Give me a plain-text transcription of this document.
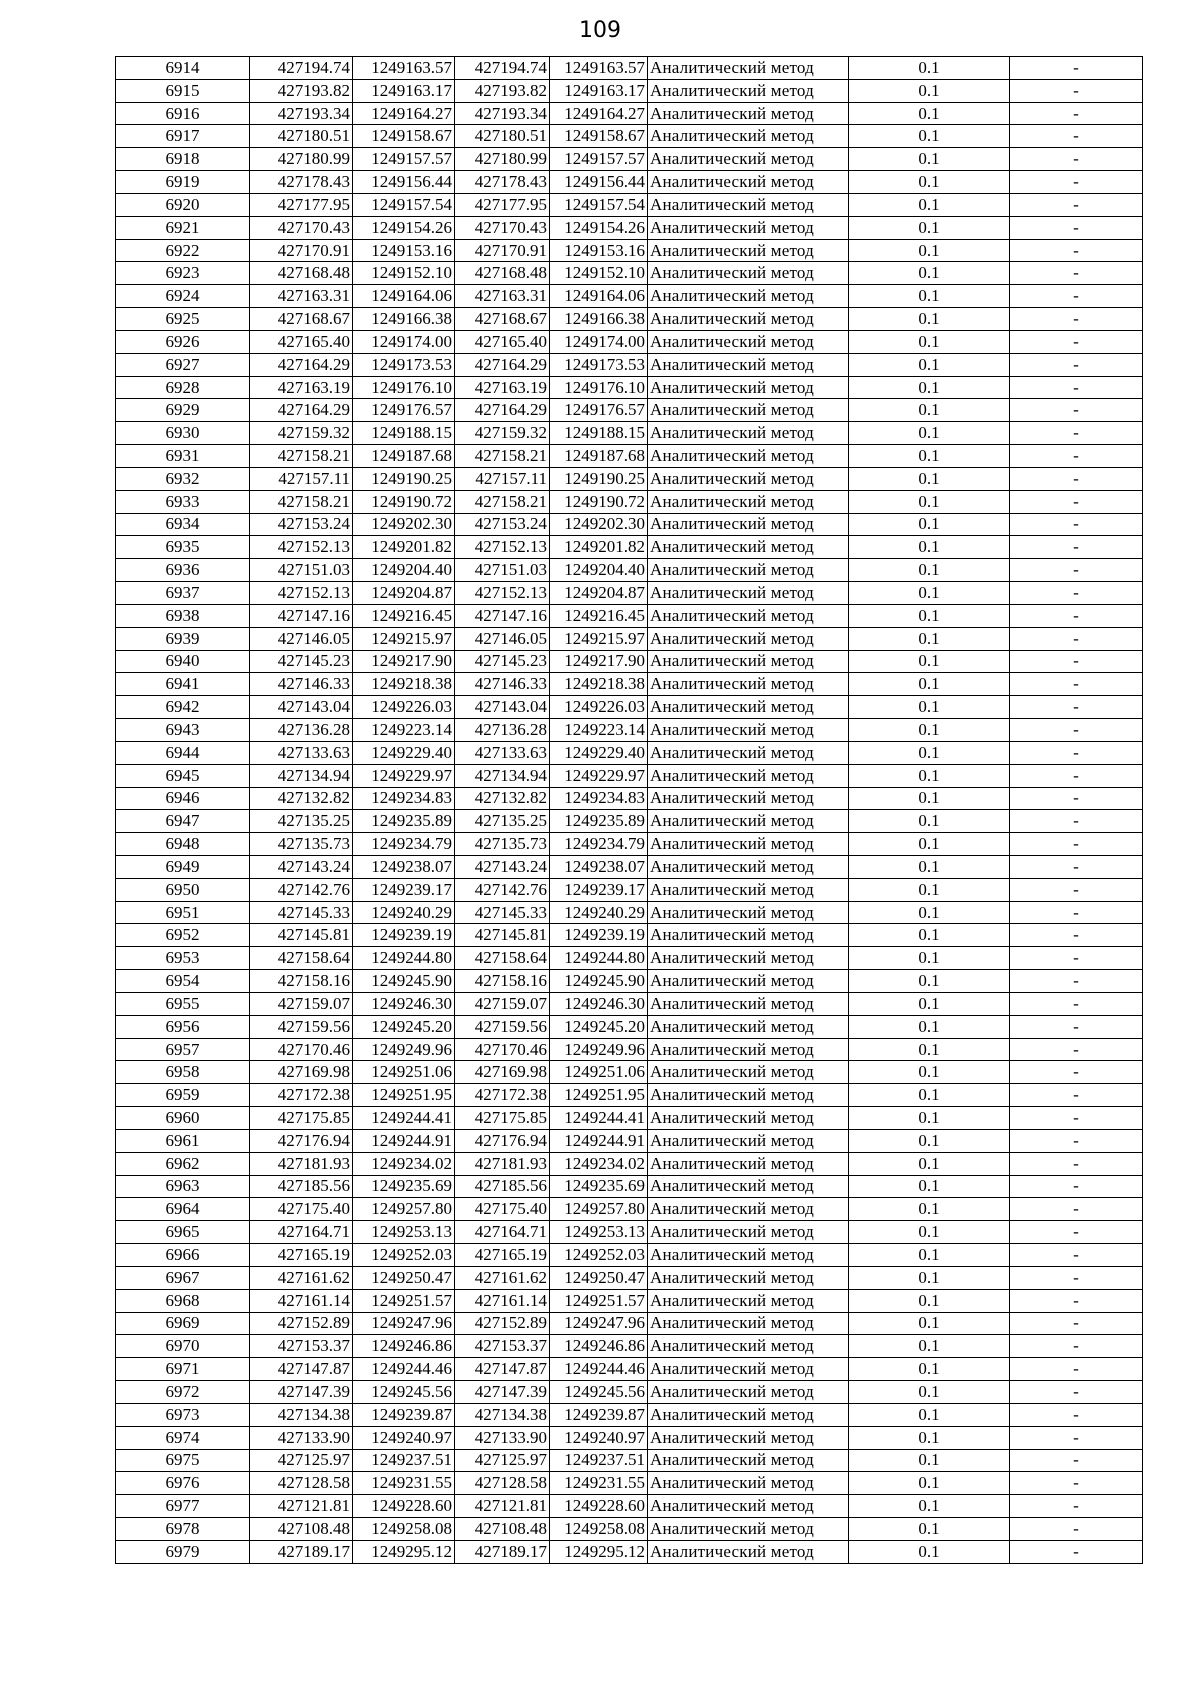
109
6914	427194.74	1249163.57	427194.74	1249163.57	Аналитический метод	0.1	-
6915	427193.82	1249163.17	427193.82	1249163.17	Аналитический метод	0.1	-
6916	427193.34	1249164.27	427193.34	1249164.27	Аналитический метод	0.1	-
6917	427180.51	1249158.67	427180.51	1249158.67	Аналитический метод	0.1	-
6918	427180.99	1249157.57	427180.99	1249157.57	Аналитический метод	0.1	-
6919	427178.43	1249156.44	427178.43	1249156.44	Аналитический метод	0.1	-
6920	427177.95	1249157.54	427177.95	1249157.54	Аналитический метод	0.1	-
6921	427170.43	1249154.26	427170.43	1249154.26	Аналитический метод	0.1	-
6922	427170.91	1249153.16	427170.91	1249153.16	Аналитический метод	0.1	-
6923	427168.48	1249152.10	427168.48	1249152.10	Аналитический метод	0.1	-
6924	427163.31	1249164.06	427163.31	1249164.06	Аналитический метод	0.1	-
6925	427168.67	1249166.38	427168.67	1249166.38	Аналитический метод	0.1	-
6926	427165.40	1249174.00	427165.40	1249174.00	Аналитический метод	0.1	-
6927	427164.29	1249173.53	427164.29	1249173.53	Аналитический метод	0.1	-
6928	427163.19	1249176.10	427163.19	1249176.10	Аналитический метод	0.1	-
6929	427164.29	1249176.57	427164.29	1249176.57	Аналитический метод	0.1	-
6930	427159.32	1249188.15	427159.32	1249188.15	Аналитический метод	0.1	-
6931	427158.21	1249187.68	427158.21	1249187.68	Аналитический метод	0.1	-
6932	427157.11	1249190.25	427157.11	1249190.25	Аналитический метод	0.1	-
6933	427158.21	1249190.72	427158.21	1249190.72	Аналитический метод	0.1	-
6934	427153.24	1249202.30	427153.24	1249202.30	Аналитический метод	0.1	-
6935	427152.13	1249201.82	427152.13	1249201.82	Аналитический метод	0.1	-
6936	427151.03	1249204.40	427151.03	1249204.40	Аналитический метод	0.1	-
6937	427152.13	1249204.87	427152.13	1249204.87	Аналитический метод	0.1	-
6938	427147.16	1249216.45	427147.16	1249216.45	Аналитический метод	0.1	-
6939	427146.05	1249215.97	427146.05	1249215.97	Аналитический метод	0.1	-
6940	427145.23	1249217.90	427145.23	1249217.90	Аналитический метод	0.1	-
6941	427146.33	1249218.38	427146.33	1249218.38	Аналитический метод	0.1	-
6942	427143.04	1249226.03	427143.04	1249226.03	Аналитический метод	0.1	-
6943	427136.28	1249223.14	427136.28	1249223.14	Аналитический метод	0.1	-
6944	427133.63	1249229.40	427133.63	1249229.40	Аналитический метод	0.1	-
6945	427134.94	1249229.97	427134.94	1249229.97	Аналитический метод	0.1	-
6946	427132.82	1249234.83	427132.82	1249234.83	Аналитический метод	0.1	-
6947	427135.25	1249235.89	427135.25	1249235.89	Аналитический метод	0.1	-
6948	427135.73	1249234.79	427135.73	1249234.79	Аналитический метод	0.1	-
6949	427143.24	1249238.07	427143.24	1249238.07	Аналитический метод	0.1	-
6950	427142.76	1249239.17	427142.76	1249239.17	Аналитический метод	0.1	-
6951	427145.33	1249240.29	427145.33	1249240.29	Аналитический метод	0.1	-
6952	427145.81	1249239.19	427145.81	1249239.19	Аналитический метод	0.1	-
6953	427158.64	1249244.80	427158.64	1249244.80	Аналитический метод	0.1	-
6954	427158.16	1249245.90	427158.16	1249245.90	Аналитический метод	0.1	-
6955	427159.07	1249246.30	427159.07	1249246.30	Аналитический метод	0.1	-
6956	427159.56	1249245.20	427159.56	1249245.20	Аналитический метод	0.1	-
6957	427170.46	1249249.96	427170.46	1249249.96	Аналитический метод	0.1	-
6958	427169.98	1249251.06	427169.98	1249251.06	Аналитический метод	0.1	-
6959	427172.38	1249251.95	427172.38	1249251.95	Аналитический метод	0.1	-
6960	427175.85	1249244.41	427175.85	1249244.41	Аналитический метод	0.1	-
6961	427176.94	1249244.91	427176.94	1249244.91	Аналитический метод	0.1	-
6962	427181.93	1249234.02	427181.93	1249234.02	Аналитический метод	0.1	-
6963	427185.56	1249235.69	427185.56	1249235.69	Аналитический метод	0.1	-
6964	427175.40	1249257.80	427175.40	1249257.80	Аналитический метод	0.1	-
6965	427164.71	1249253.13	427164.71	1249253.13	Аналитический метод	0.1	-
6966	427165.19	1249252.03	427165.19	1249252.03	Аналитический метод	0.1	-
6967	427161.62	1249250.47	427161.62	1249250.47	Аналитический метод	0.1	-
6968	427161.14	1249251.57	427161.14	1249251.57	Аналитический метод	0.1	-
6969	427152.89	1249247.96	427152.89	1249247.96	Аналитический метод	0.1	-
6970	427153.37	1249246.86	427153.37	1249246.86	Аналитический метод	0.1	-
6971	427147.87	1249244.46	427147.87	1249244.46	Аналитический метод	0.1	-
6972	427147.39	1249245.56	427147.39	1249245.56	Аналитический метод	0.1	-
6973	427134.38	1249239.87	427134.38	1249239.87	Аналитический метод	0.1	-
6974	427133.90	1249240.97	427133.90	1249240.97	Аналитический метод	0.1	-
6975	427125.97	1249237.51	427125.97	1249237.51	Аналитический метод	0.1	-
6976	427128.58	1249231.55	427128.58	1249231.55	Аналитический метод	0.1	-
6977	427121.81	1249228.60	427121.81	1249228.60	Аналитический метод	0.1	-
6978	427108.48	1249258.08	427108.48	1249258.08	Аналитический метод	0.1	-
6979	427189.17	1249295.12	427189.17	1249295.12	Аналитический метод	0.1	-
